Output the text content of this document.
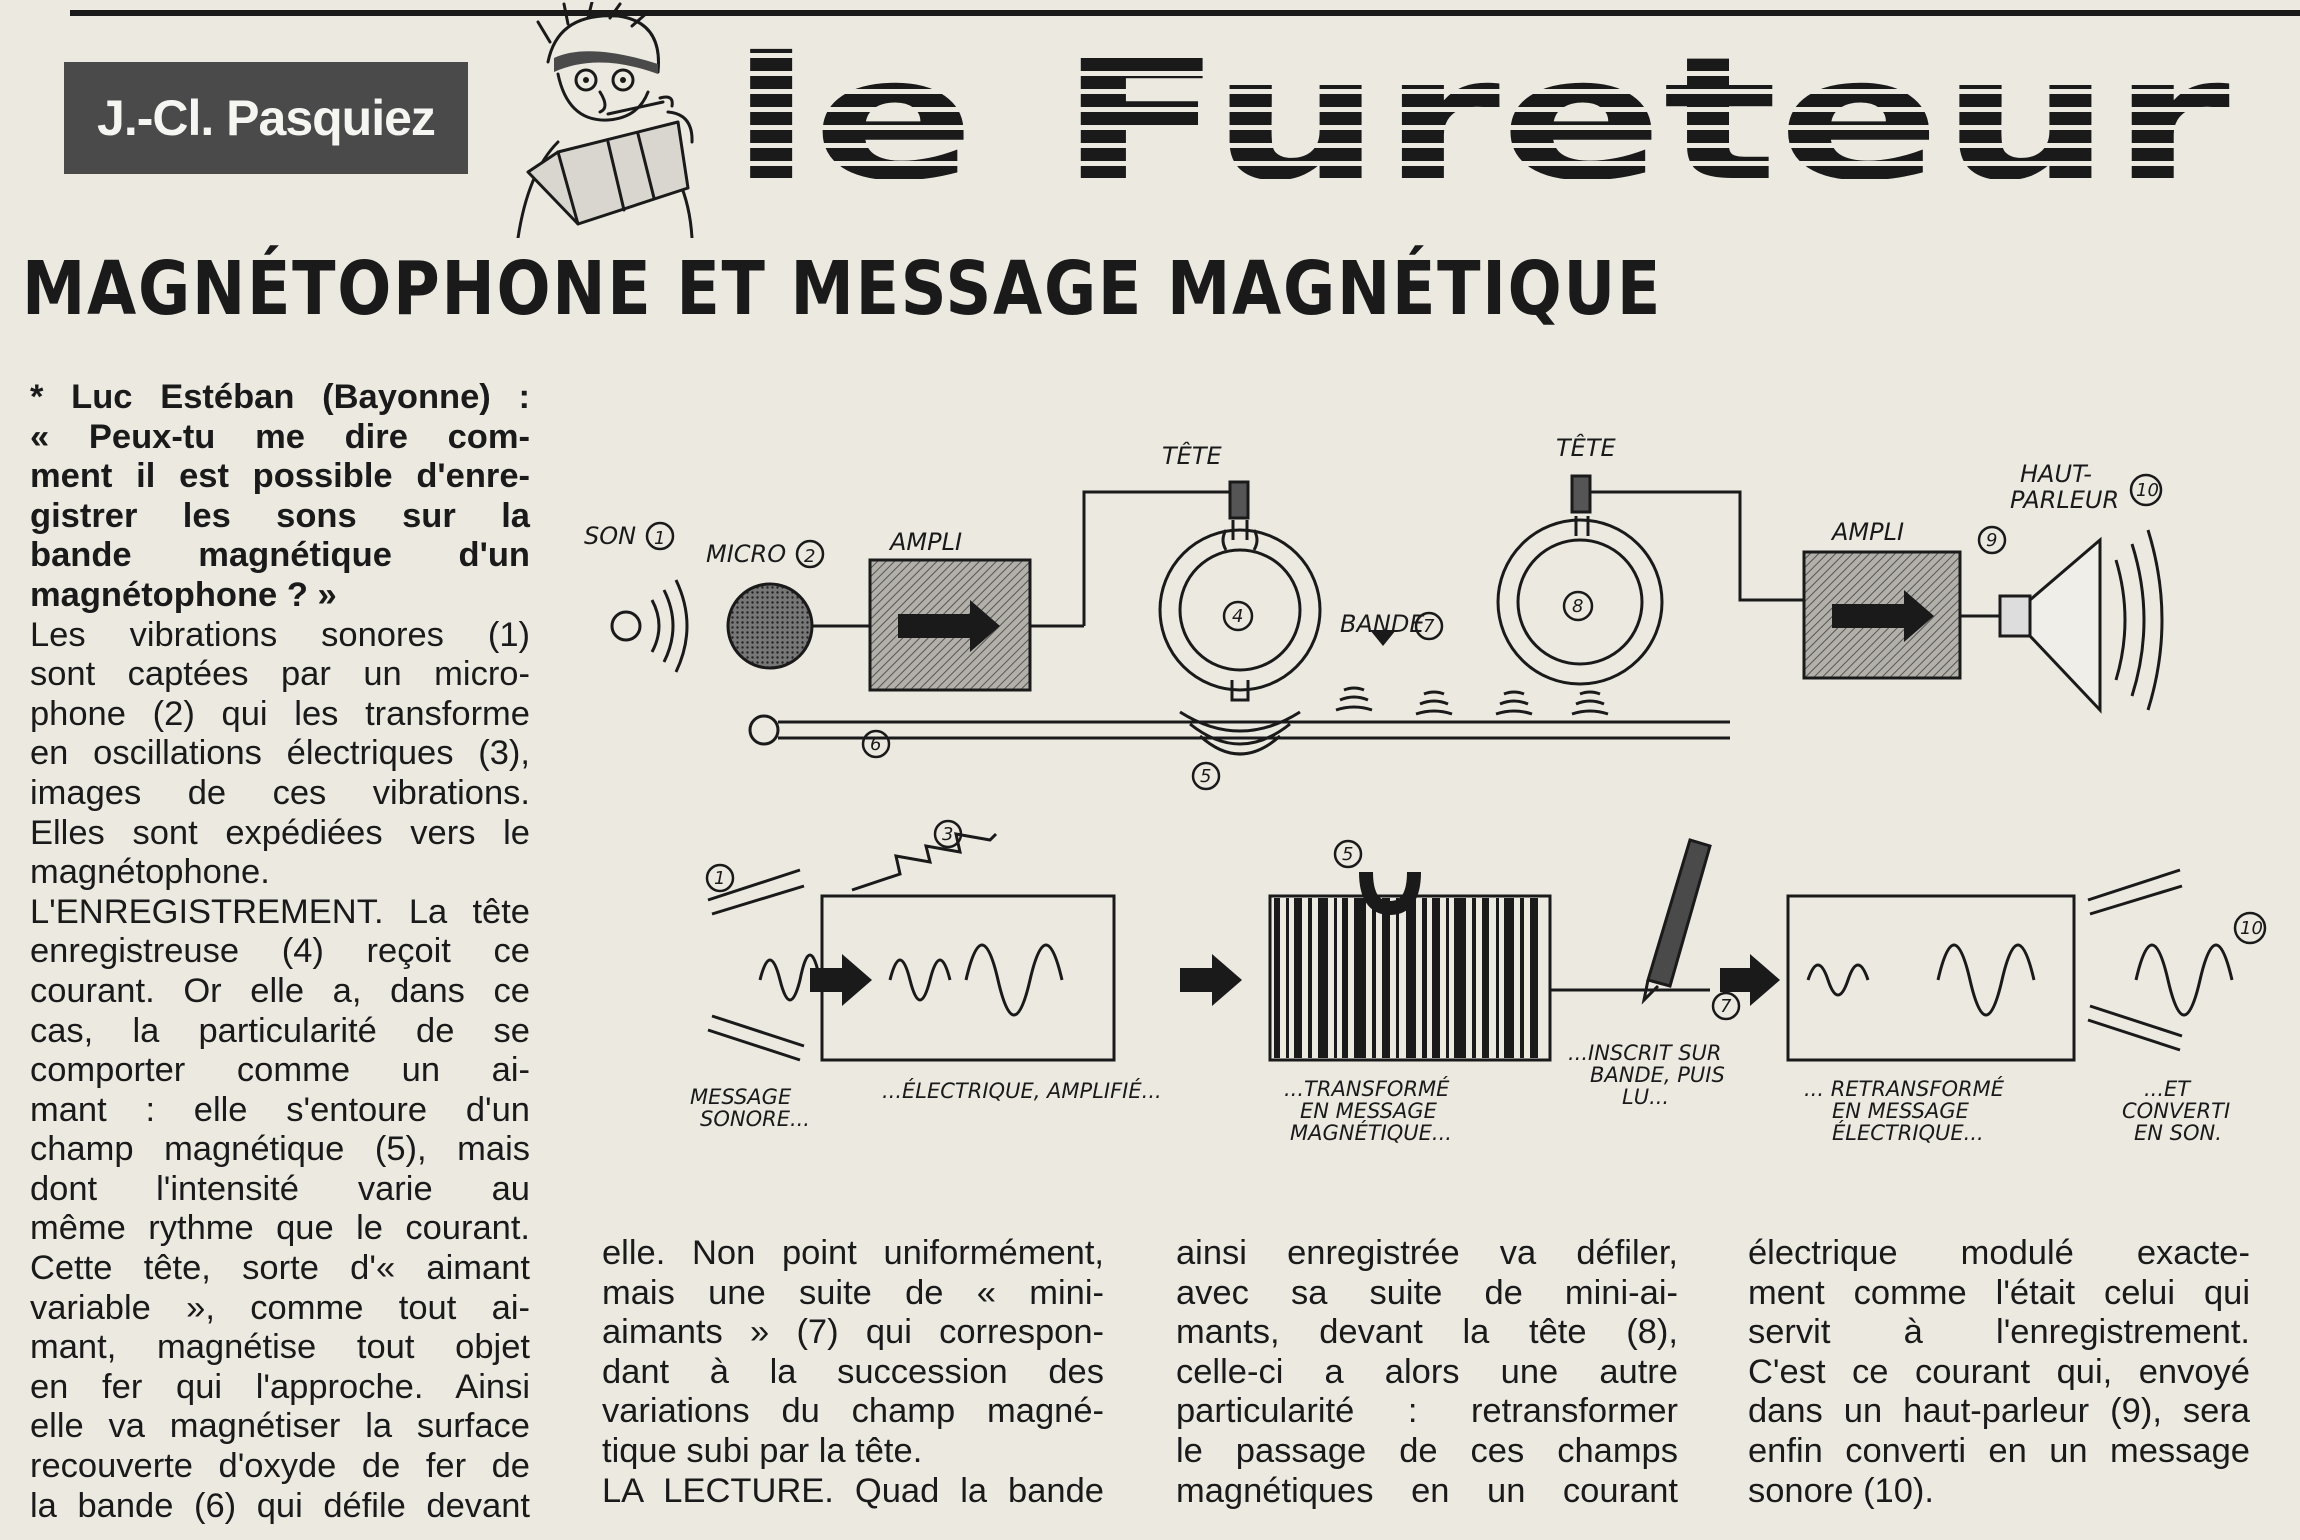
J.-Cl. Pasquiez le Fureteur
MAGNÉTOPHONE ET MESSAGE MAGNÉTIQUE

* Luc Estéban (Bayonne) :

« Peux-tu me dire com-

ment il est possible d'enre-

gistrer les sons sur la

bande magnétique d'un

magnétophone ? »

Les vibrations sonores (1)

sont captées par un micro-

phone (2) qui les transforme

en oscillations électriques (3),

images de ces vibrations.

Elles sont expédiées vers le

magnétophone.

L'ENREGISTREMENT. La tête

enregistreuse (4) reçoit ce

courant. Or elle a, dans ce

cas, la particularité de se

comporter comme un ai-

mant : elle s'entoure d'un

champ magnétique (5), mais

dont l'intensité varie au

même rythme que le courant.

Cette tête, sorte d'« aimant

variable », comme tout ai-

mant, magnétise tout objet

en fer qui l'approche. Ainsi

elle va magnétiser la surface

recouverte d'oxyde de fer de

la bande (6) qui défile devant

elle. Non point uniformément,

mais une suite de « mini-

aimants » (7) qui correspon-

dant à la succession des

variations du champ magné-

tique subi par la tête.

LA LECTURE. Quad la bande

ainsi enregistrée va défiler,

avec sa suite de mini-ai-

mants, devant la tête (8),

celle-ci a alors une autre

particularité : retransformer

le passage de ces champs

magnétiques en un courant

électrique modulé exacte-

ment comme l'était celui qui

servit à l'enregistrement.

C'est ce courant qui, envoyé

dans un haut-parleur (9), sera

enfin converti en un message

sonore (10).

SON 1
MICRO 2
AMPLI
TÊTE
4	BANDE
7
8
TÊTE
AMPLI	9
HAUT-
PARLEUR 10
6
5
1
3
5
7
10
MESSAGE
SONORE...
...ÉLECTRIQUE, AMPLIFIÉ...	...TRANSFORMÉ
EN MESSAGE
MAGNÉTIQUE...
...INSCRIT SUR
BANDE, PUIS
LU...	... RETRANSFORMÉ
EN MESSAGE
ÉLECTRIQUE...
...ET
CONVERTI
EN SON.
